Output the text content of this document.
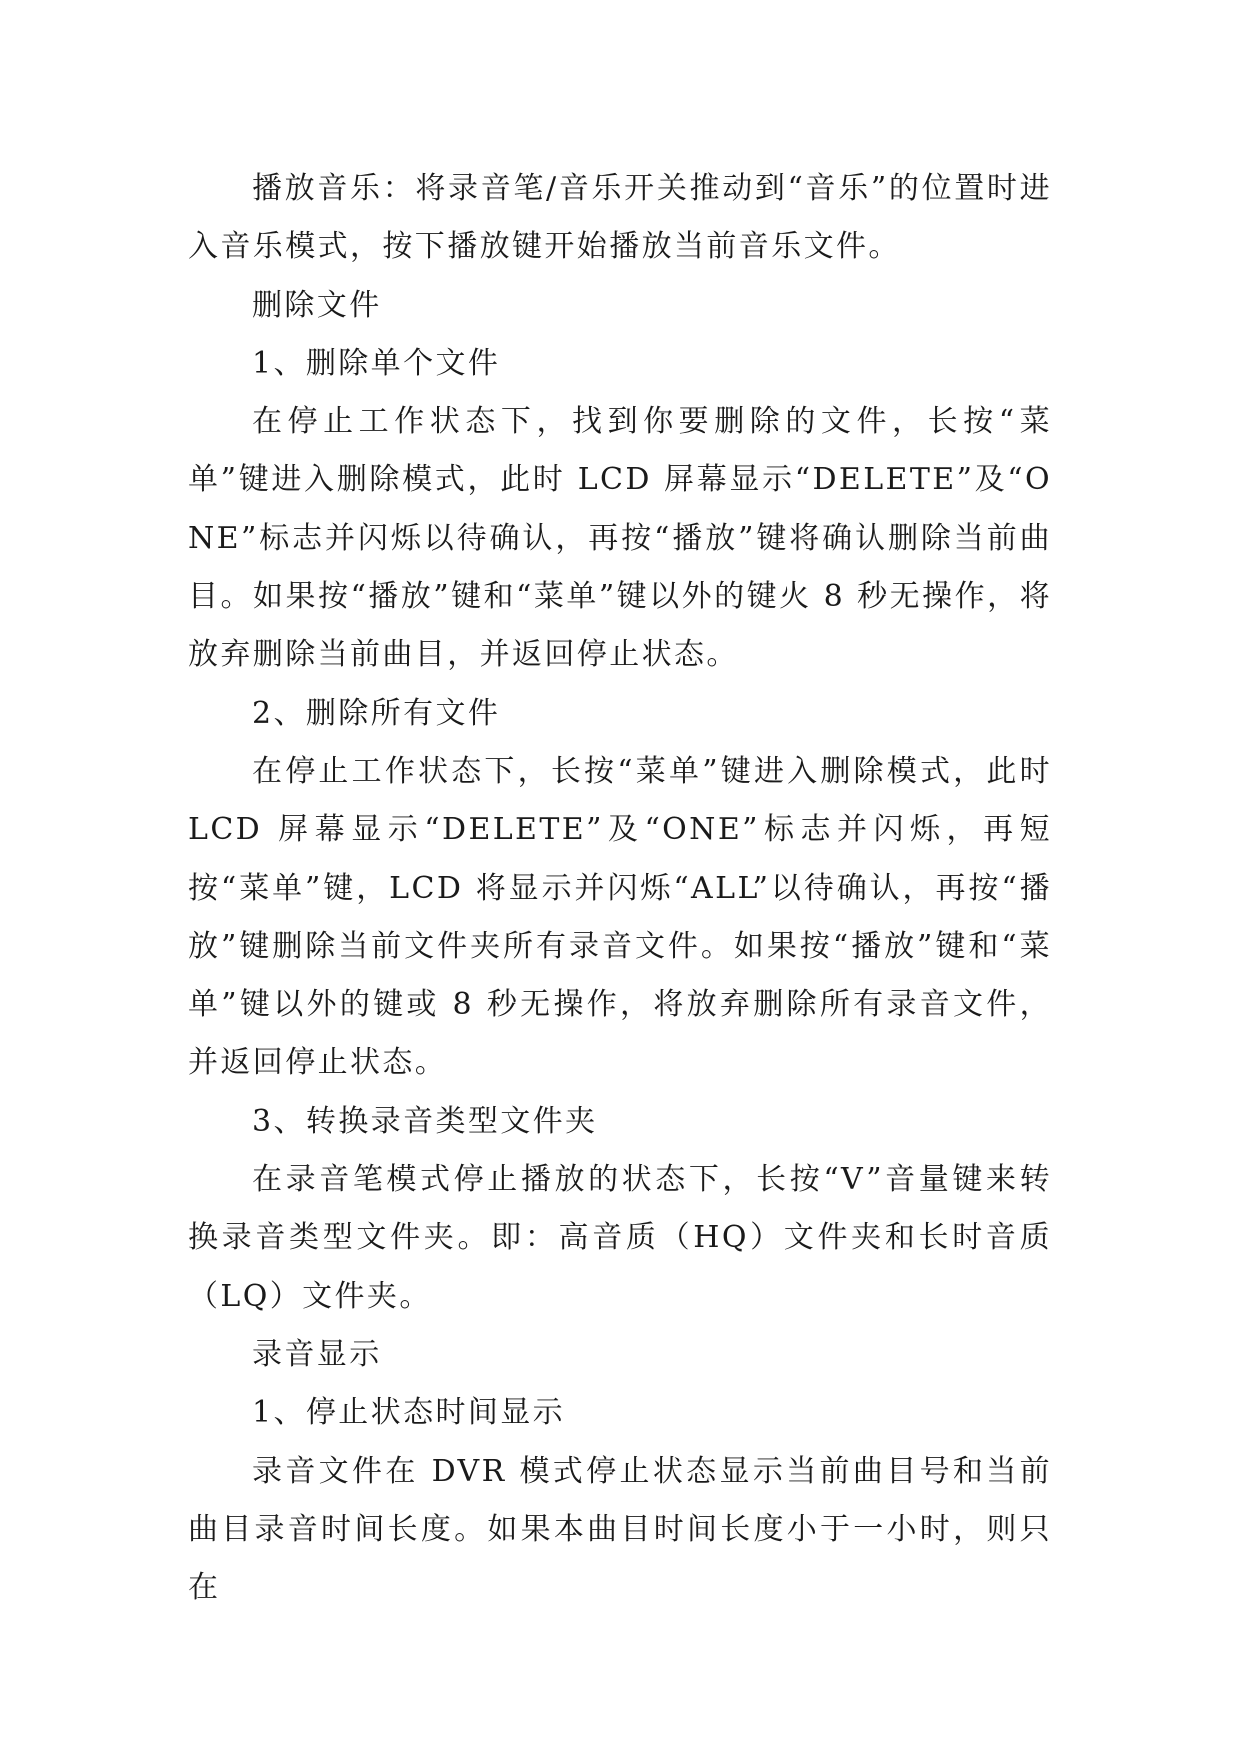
播放音乐：将录音笔/音乐开关推动到“音乐”的位置时进入音乐模式，按下播放键开始播放当前音乐文件。

删除文件

1、删除单个文件

在停止工作状态下，找到你要删除的文件，长按“菜单”键进入删除模式，此时 LCD 屏幕显示“DELETE”及“ONE”标志并闪烁以待确认，再按“播放”键将确认删除当前曲目。如果按“播放”键和“菜单”键以外的键火 8 秒无操作，将放弃删除当前曲目，并返回停止状态。

2、删除所有文件

在停止工作状态下，长按“菜单”键进入删除模式，此时 LCD 屏幕显示“DELETE”及“ONE”标志并闪烁，再短按“菜单”键，LCD 将显示并闪烁“ALL”以待确认，再按“播放”键删除当前文件夹所有录音文件。如果按“播放”键和“菜单”键以外的键或 8 秒无操作，将放弃删除所有录音文件，并返回停止状态。

3、转换录音类型文件夹

在录音笔模式停止播放的状态下，长按“V”音量键来转换录音类型文件夹。即：高音质（HQ）文件夹和长时音质（LQ）文件夹。

录音显示

1、停止状态时间显示

录音文件在 DVR 模式停止状态显示当前曲目号和当前曲目录音时间长度。如果本曲目时间长度小于一小时，则只在
